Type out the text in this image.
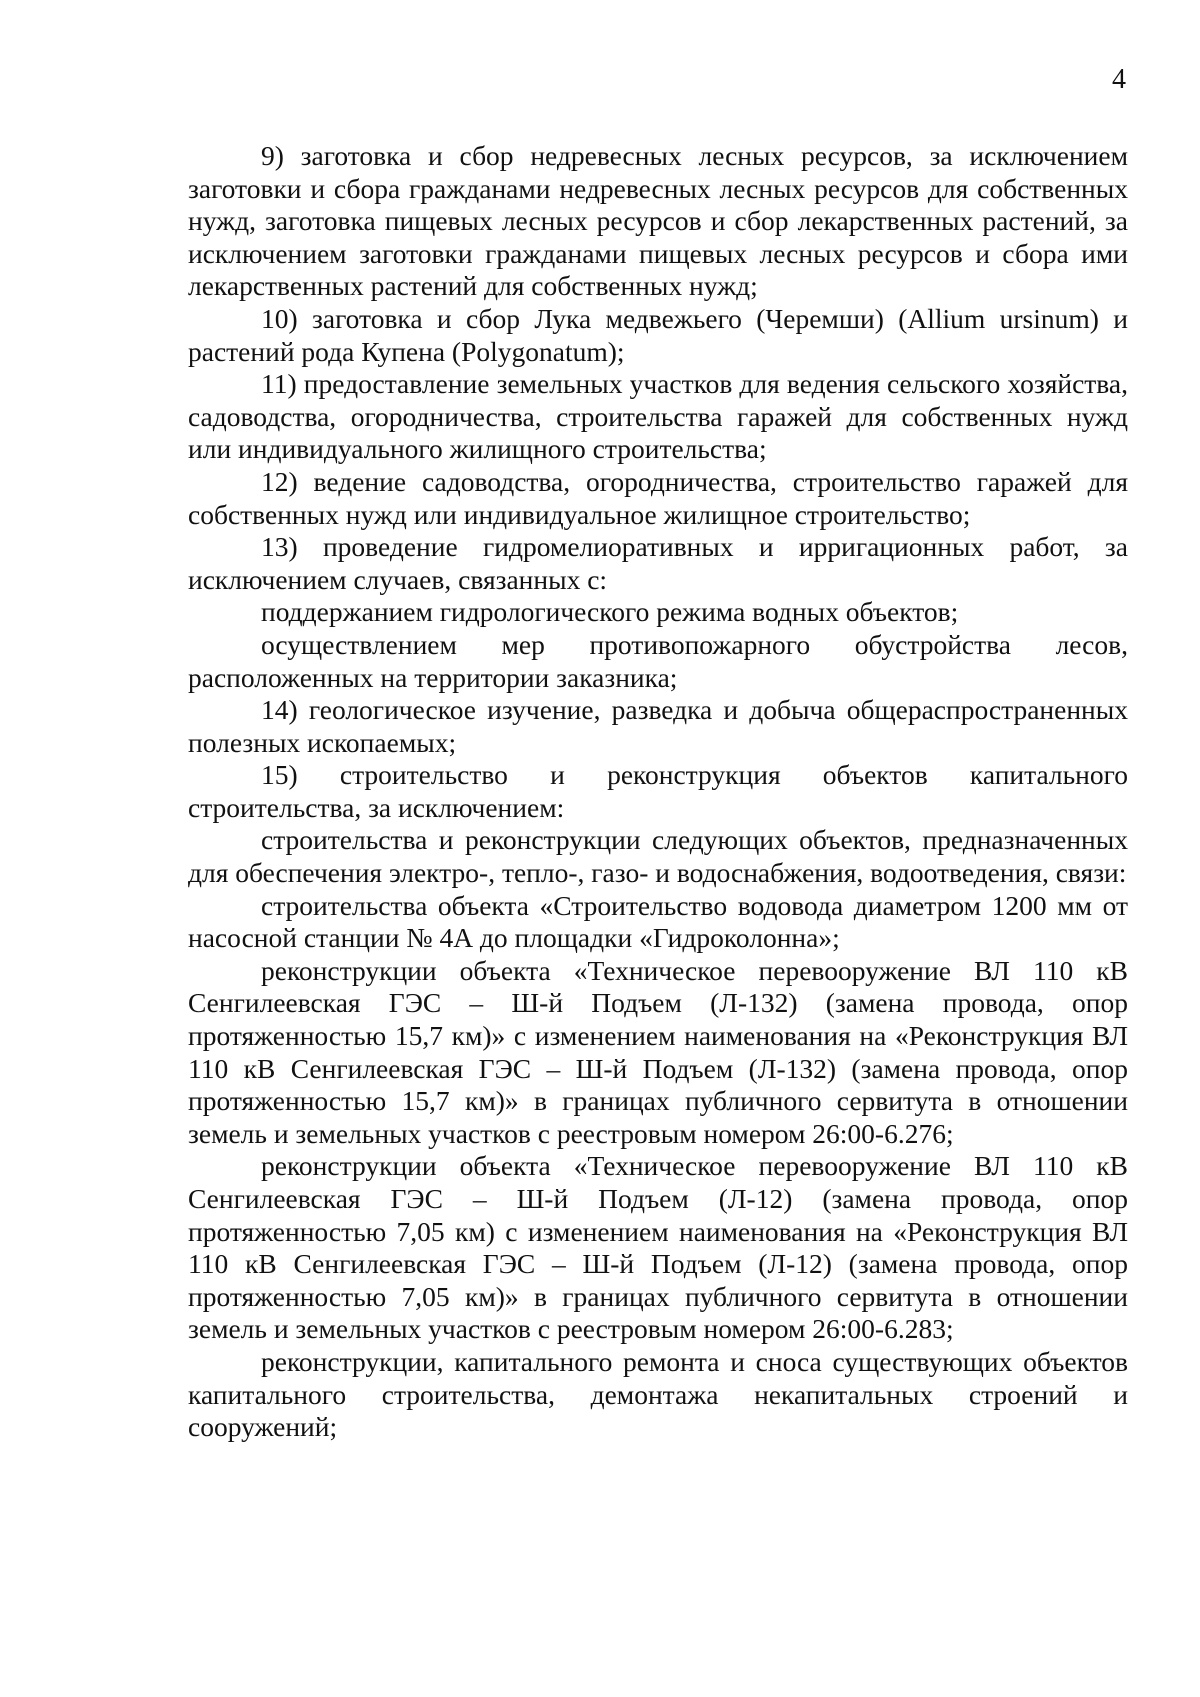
4

9) заготовка и сбор недревесных лесных ресурсов, за исключением заготовки и сбора гражданами недревесных лесных ресурсов для собственных нужд, заготовка пищевых лесных ресурсов и сбор лекарственных растений, за исключением заготовки гражданами пищевых лесных ресурсов и сбора ими лекарственных растений для собственных нужд;

10) заготовка и сбор Лука медвежьего (Черемши) (Allium ursinum) и растений рода Купена (Polygonatum);

11) предоставление земельных участков для ведения сельского хозяйства, садоводства, огородничества, строительства гаражей для собственных нужд или индивидуального жилищного строительства;

12) ведение садоводства, огородничества, строительство гаражей для собственных нужд или индивидуальное жилищное строительство;

13) проведение гидромелиоративных и ирригационных работ, за исключением случаев, связанных с:

поддержанием гидрологического режима водных объектов;

осуществлением мер противопожарного обустройства лесов, расположенных на территории заказника;

14) геологическое изучение, разведка и добыча общераспространенных полезных ископаемых;

15) строительство и реконструкция объектов капитального строительства, за исключением:

строительства и реконструкции следующих объектов, предназначенных для обеспечения электро-, тепло-, газо- и водоснабжения, водоотведения, связи:

строительства объекта «Строительство водовода диаметром 1200 мм от насосной станции № 4А до площадки «Гидроколонна»;

реконструкции объекта «Техническое перевооружение ВЛ 110 кВ Сенгилеевская ГЭС – Ш-й Подъем (Л-132) (замена провода, опор протяженностью 15,7 км)» с изменением наименования на «Реконструкция ВЛ 110 кВ Сенгилеевская ГЭС – Ш-й Подъем (Л-132) (замена провода, опор протяженностью 15,7 км)» в границах публичного сервитута в отношении земель и земельных участков с реестровым номером 26:00-6.276;

реконструкции объекта «Техническое перевооружение ВЛ 110 кВ Сенгилеевская ГЭС – Ш-й Подъем (Л-12) (замена провода, опор протяженностью 7,05 км) с изменением наименования на «Реконструкция ВЛ 110 кВ Сенгилеевская ГЭС – Ш-й Подъем (Л-12) (замена провода, опор протяженностью 7,05 км)» в границах публичного сервитута в отношении земель и земельных участков с реестровым номером 26:00-6.283;

реконструкции, капитального ремонта и сноса существующих объектов капитального строительства, демонтажа некапитальных строений и сооружений;
